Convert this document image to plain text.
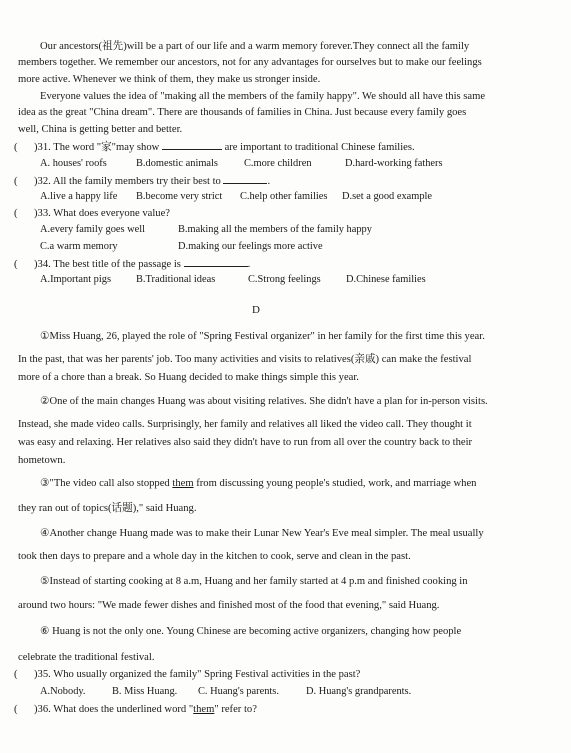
Our ancestors(祖先)will be a part of our life and a warm memory forever.They connect all the family
members together. We remember our ancestors, not for any advantages for ourselves but to make our feelings
more active. Whenever we think of them, they make us stronger inside.
Everyone values the idea of "making all the members of the family happy". We should all have this same
idea as the great "China dream". There are thousands of families in China. Just because every family goes
well, China is getting better and better.
( )31. The word "家"may show	are important to traditional Chinese families.
A. houses' roofs	B.domestic animals	C.more children	D.hard-working fathers
( )32. All the family members try their best to	.
A.live a happy life B.become very strict C.help other families D.set a good example
( )33. What does everyone value?
A.every family goes well	B.making all the members of the family happy
C.a warm memory	D.making our feelings more active
( )34. The best title of the passage is	.
A.Important pigs B.Traditional ideas	C.Strong feelings D.Chinese families
D
①Miss Huang, 26, played the role of "Spring Festival organizer" in her family for the first time this year.
In the past, that was her parents' job. Too many activities and visits to relatives(亲戚) can make the festival
more of a chore than a break. So Huang decided to make things simple this year.
②One of the main changes Huang was about visiting relatives. She didn't have a plan for in-person visits.
Instead, she made video calls. Surprisingly, her family and relatives all liked the video call. They thought it
was easy and relaxing. Her relatives also said they didn't have to run from all over the country back to their
hometown.
③"The video call also stopped them from discussing young people's studied, work, and marriage when
they ran out of topics(话题)," said Huang.
④Another change Huang made was to make their Lunar New Year's Eve meal simpler. The meal usually
took then days to prepare and a whole day in the kitchen to cook, serve and clean in the past.
⑤Instead of starting cooking at 8 a.m, Huang and her family started at 4 p.m and finished cooking in
around two hours: "We made fewer dishes and finished most of the food that evening," said Huang.
⑥ Huang is not the only one. Young Chinese are becoming active organizers, changing how people
celebrate the traditional festival.
( )35. Who usually organized the family" Spring Festival activities in the past?
A.Nobody.	B. Miss Huang. C. Huang's parents.	D. Huang's grandparents.
( )36. What does the underlined word "them" refer to?
